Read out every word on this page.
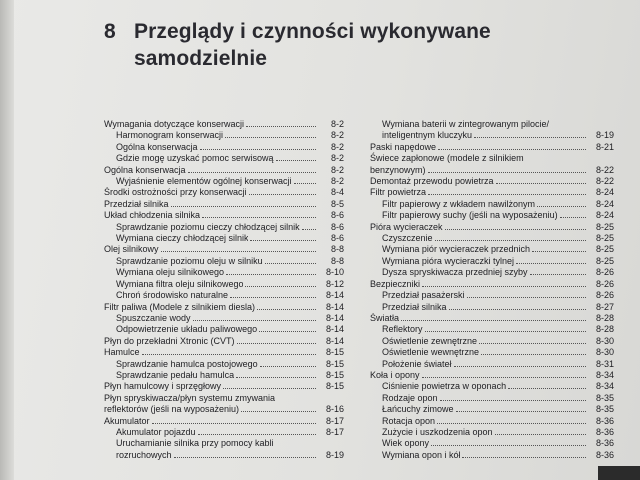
8 Przeglądy i czynności wykonywane
samodzielnie
Wymagania dotyczące konserwacji	8-2
Harmonogram konserwacji	8-2
Ogólna konserwacja	8-2
Gdzie mogę uzyskać pomoc serwisową	8-2
Ogólna konserwacja	8-2
Wyjaśnienie elementów ogólnej konserwacji	8-2
Środki ostrożności przy konserwacji	8-4
Przedział silnika	8-5
Układ chłodzenia silnika	8-6
Sprawdzanie poziomu cieczy chłodzącej silnik	8-6
Wymiana cieczy chłodzącej silnik	8-6
Olej silnikowy	8-8
Sprawdzanie poziomu oleju w silniku	8-8
Wymiana oleju silnikowego	8-10
Wymiana filtra oleju silnikowego	8-12
Chroń środowisko naturalne	8-14
Filtr paliwa (Modele z silnikiem diesla)	8-14
Spuszczanie wody	8-14
Odpowietrzenie układu paliwowego	8-14
Płyn do przekładni Xtronic (CVT)	8-14
Hamulce	8-15
Sprawdzanie hamulca postojowego	8-15
Sprawdzanie pedału hamulca	8-15
Płyn hamulcowy i sprzęgłowy	8-15
Płyn spryskiwacza/płyn systemu zmywania
reflektorów (jeśli na wyposażeniu)	8-16
Akumulator	8-17
Akumulator pojazdu	8-17
Uruchamianie silnika przy pomocy kabli
rozruchowych	8-19
Wymiana baterii w zintegrowanym pilocie/
inteligentnym kluczyku	8-19
Paski napędowe	8-21
Świece zapłonowe (modele z silnikiem
benzynowym)	8-22
Demontaż przewodu powietrza	8-22
Filtr powietrza	8-24
Filtr papierowy z wkładem nawilżonym	8-24
Filtr papierowy suchy (jeśli na wyposażeniu)	8-24
Pióra wycieraczek	8-25
Czyszczenie	8-25
Wymiana piór wycieraczek przednich	8-25
Wymiana pióra wycieraczki tylnej	8-25
Dysza spryskiwacza przedniej szyby	8-26
Bezpieczniki	8-26
Przedział pasażerski	8-26
Przedział silnika	8-27
Światła	8-28
Reflektory	8-28
Oświetlenie zewnętrzne	8-30
Oświetlenie wewnętrzne	8-30
Położenie świateł	8-31
Koła i opony	8-34
Ciśnienie powietrza w oponach	8-34
Rodzaje opon	8-35
Łańcuchy zimowe	8-35
Rotacja opon	8-36
Zużycie i uszkodzenia opon	8-36
Wiek opony	8-36
Wymiana opon i kół	8-36
